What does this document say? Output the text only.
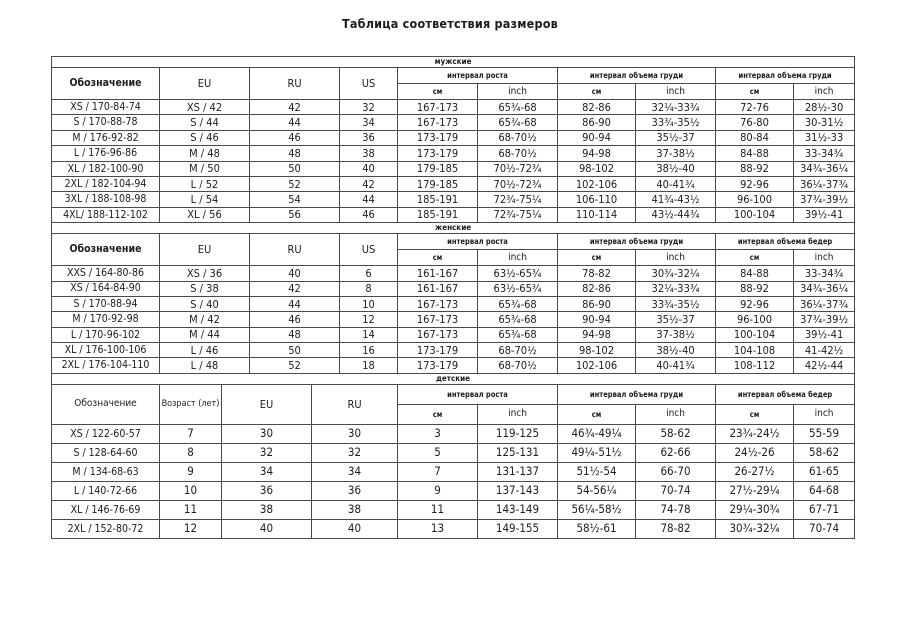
Таблица соответствия размеров
мужские												
Обозначение	EU		RU		US	интервал роста		интервал объема груди		интервал объема груди		
						см	inch	см	inch	см	inch	
XS / 170-84-74	XS / 42		42		32	167-173	65¾-68	82-86	32¼-33¾	72-76	28½-30	
S / 170-88-78	S / 44		44		34	167-173	65¾-68	86-90	33¾-35½	76-80	30-31½	
M / 176-92-82	S / 46		46		36	173-179	68-70½	90-94	35½-37	80-84	31½-33	
L / 176-96-86	M / 48		48		38	173-179	68-70½	94-98	37-38½	84-88	33-34¾	
XL / 182-100-90	M / 50		50		40	179-185	70½-72¾	98-102	38½-40	88-92	34¾-36¼	
2XL / 182-104-94	L / 52		52		42	179-185	70½-72¾	102-106	40-41¾	92-96	36¼-37¾	
3XL / 188-108-98	L / 54		54		44	185-191	72¾-75¼	106-110	41¾-43½	96-100	37¾-39½	
4XL/ 188-112-102	XL / 56		56		46	185-191	72¾-75¼	110-114	43½-44¾	100-104	39½-41	
женские												
Обозначение	EU		RU		US	интервал роста		интервал объема груди		интервал объема бедер		
						см	inch	см	inch	см	inch	
XXS / 164-80-86	XS / 36		40		6	161-167	63½-65¾	78-82	30¾-32¼	84-88	33-34¾	
XS / 164-84-90	S / 38		42		8	161-167	63½-65¾	82-86	32¼-33¾	88-92	34¾-36¼	
S / 170-88-94	S / 40		44		10	167-173	65¾-68	86-90	33¾-35½	92-96	36¼-37¾	
M / 170-92-98	M / 42		46		12	167-173	65¾-68	90-94	35½-37	96-100	37¾-39½	
L / 170-96-102	M / 44		48		14	167-173	65¾-68	94-98	37-38½	100-104	39½-41	
XL / 176-100-106	L / 46		50		16	173-179	68-70½	98-102	38½-40	104-108	41-42½	
2XL / 176-104-110	L / 48		52		18	173-179	68-70½	102-106	40-41¾	108-112	42½-44	
детские												
Обозначение	Возраст (лет)	EU		RU		интервал роста		интервал объема груди		интервал объема бедер		
						см	inch	см	inch	см	inch	
XS / 122-60-57	7	30		30		3	119-125	46¾-49¼	58-62	23¾-24½	55-59	
S / 128-64-60	8	32		32		5	125-131	49¼-51½	62-66	24½-26	58-62	
M / 134-68-63	9	34		34		7	131-137	51½-54	66-70	26-27½	61-65	
L / 140-72-66	10	36		36		9	137-143	54-56¼	70-74	27½-29¼	64-68	
XL / 146-76-69	11	38		38		11	143-149	56¼-58½	74-78	29¼-30¾	67-71	
2XL / 152-80-72	12	40		40		13	149-155	58½-61	78-82	30¾-32¼	70-74	
